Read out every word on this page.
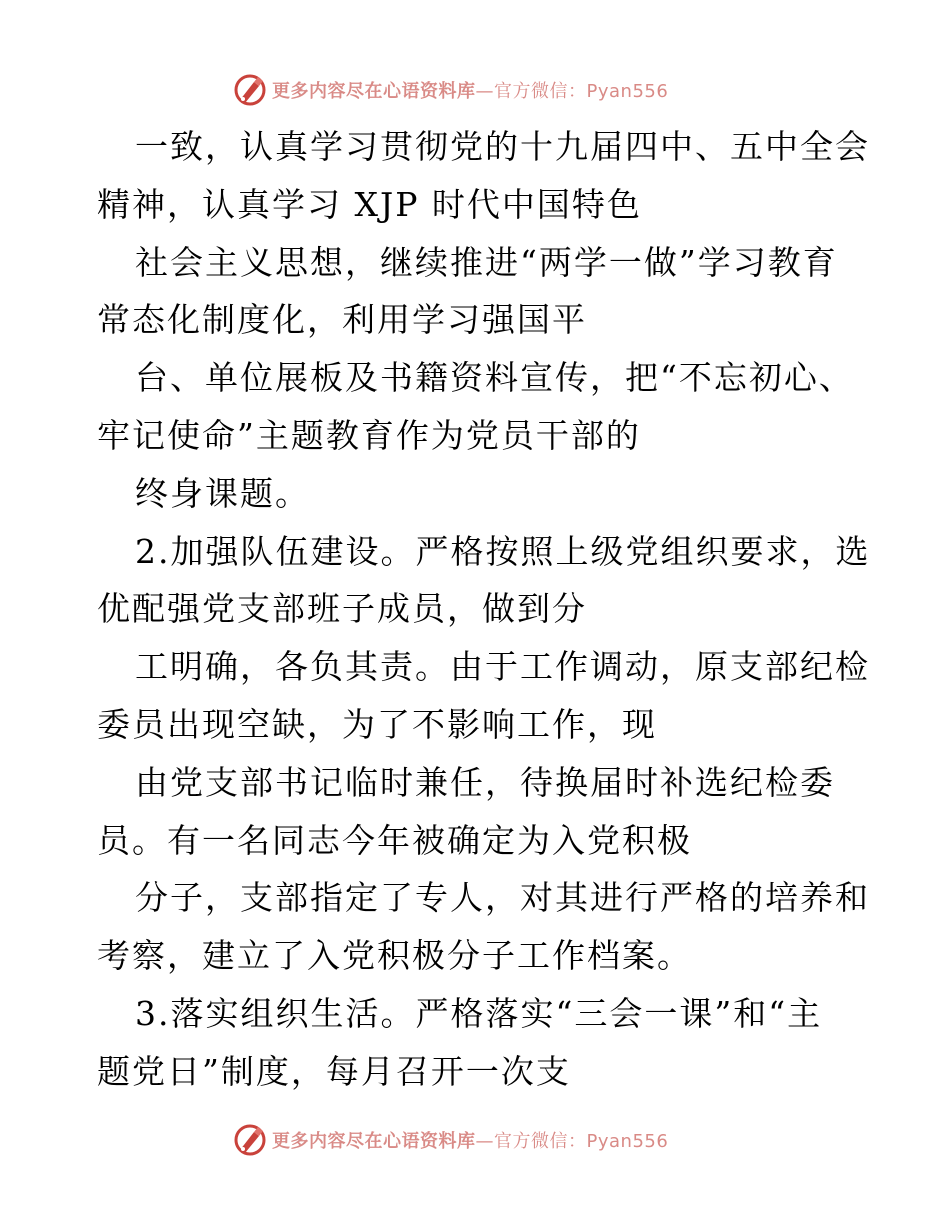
更多内容尽在心语资料库—官方微信：Pyan556
一致，认真学习贯彻党的十九届四中、五中全会
精神，认真学习 XJP 时代中国特色
社会主义思想，继续推进“两学一做”学习教育
常态化制度化，利用学习强国平
台、单位展板及书籍资料宣传，把“不忘初心、
牢记使命”主题教育作为党员干部的
终身课题。
2.加强队伍建设。严格按照上级党组织要求，选
优配强党支部班子成员，做到分
工明确，各负其责。由于工作调动，原支部纪检
委员出现空缺，为了不影响工作，现
由党支部书记临时兼任，待换届时补选纪检委
员。有一名同志今年被确定为入党积极
分子，支部指定了专人，对其进行严格的培养和
考察，建立了入党积极分子工作档案。
3.落实组织生活。严格落实“三会一课”和“主
题党日”制度，每月召开一次支
更多内容尽在心语资料库—官方微信：Pyan556
